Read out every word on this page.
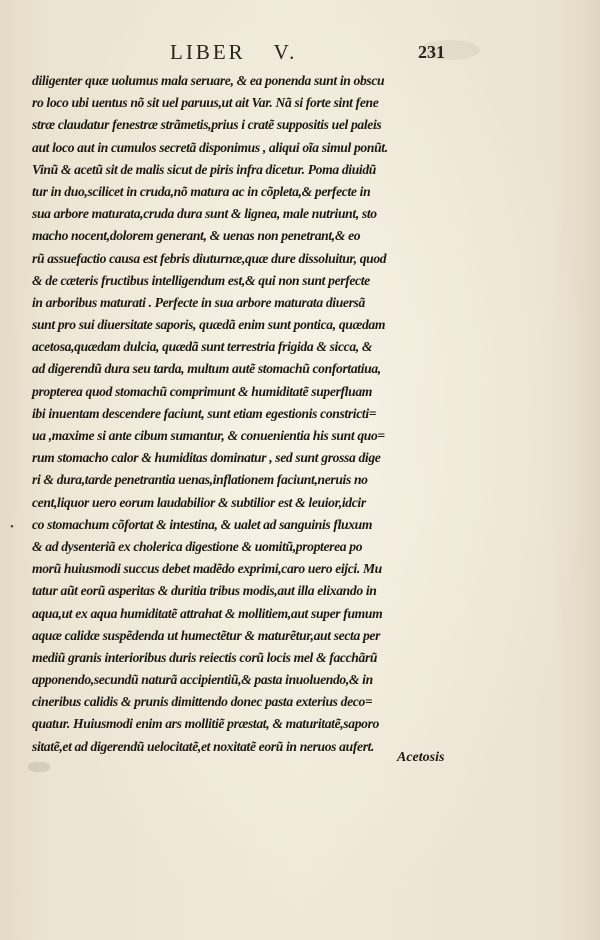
LIBER V.	231
•
diligenter quæ uolumus mala seruare, & ea ponenda sunt in obscu
ro loco ubi uentus nõ sit uel paruus,ut ait Var. Nã si forte sint fene
stræ claudatur fenestræ strãmetis,prius i cratẽ suppositis uel paleis
aut loco aut in cumulos secretã disponimus , aliqui oĩa simul ponũt.
Vinũ & acetũ sit de malis sicut de piris infra dicetur. Poma diuidũ
tur in duo,scilicet in cruda,nõ matura ac in cõpleta,& perfecte in
sua arbore maturata,cruda dura sunt & lignea, male nutriunt, sto
macho nocent,dolorem generant, & uenas non penetrant,& eo
rũ assuefactio causa est febris diuturnæ,quæ dure dissoluitur, quod
& de cæteris fructibus intelligendum est,& qui non sunt perfecte
in arboribus maturati . Perfecte in sua arbore maturata diuersã
sunt pro sui diuersitate saporis, quædã enim sunt pontica, quædam
acetosa,quædam dulcia, quædã sunt terrestria frigida & sicca, &
ad digerendũ dura seu tarda, multum autẽ stomachũ confortatiua,
propterea quod stomachũ comprimunt & humiditatẽ superfluam
ibi inuentam descendere faciunt, sunt etiam egestionis constricti=
ua ,maxime si ante cibum sumantur, & conuenientia his sunt quo=
rum stomacho calor & humiditas dominatur , sed sunt grossa dige
ri & dura,tarde penetrantia uenas,inflationem faciunt,neruis no
cent,liquor uero eorum laudabilior & subtilior est & leuior,idcir
co stomachum cõfortat & intestina, & ualet ad sanguinis fluxum
& ad dysenteriã ex cholerica digestione & uomitũ,propterea po
morũ huiusmodi succus debet madẽdo exprimi,caro uero eijci. Mu
tatur aũt eorũ asperitas & duritia tribus modis,aut illa elixando in
aqua,ut ex aqua humiditatẽ attrahat & mollitiem,aut super fumum
aquæ calidæ suspẽdenda ut humectẽtur & maturẽtur,aut secta per
mediũ granis interioribus duris reiectis corũ locis mel & facchãrũ
apponendo,secundũ naturã accipientiũ,& pasta inuoluendo,& in
cineribus calidis & prunis dimittendo donec pasta exterius deco=
quatur. Huiusmodi enim ars mollitiẽ præstat, & maturitatẽ,saporo
sitatẽ,et ad digerendũ uelocitatẽ,et noxitatẽ eorũ in neruos aufert.
Acetosis
